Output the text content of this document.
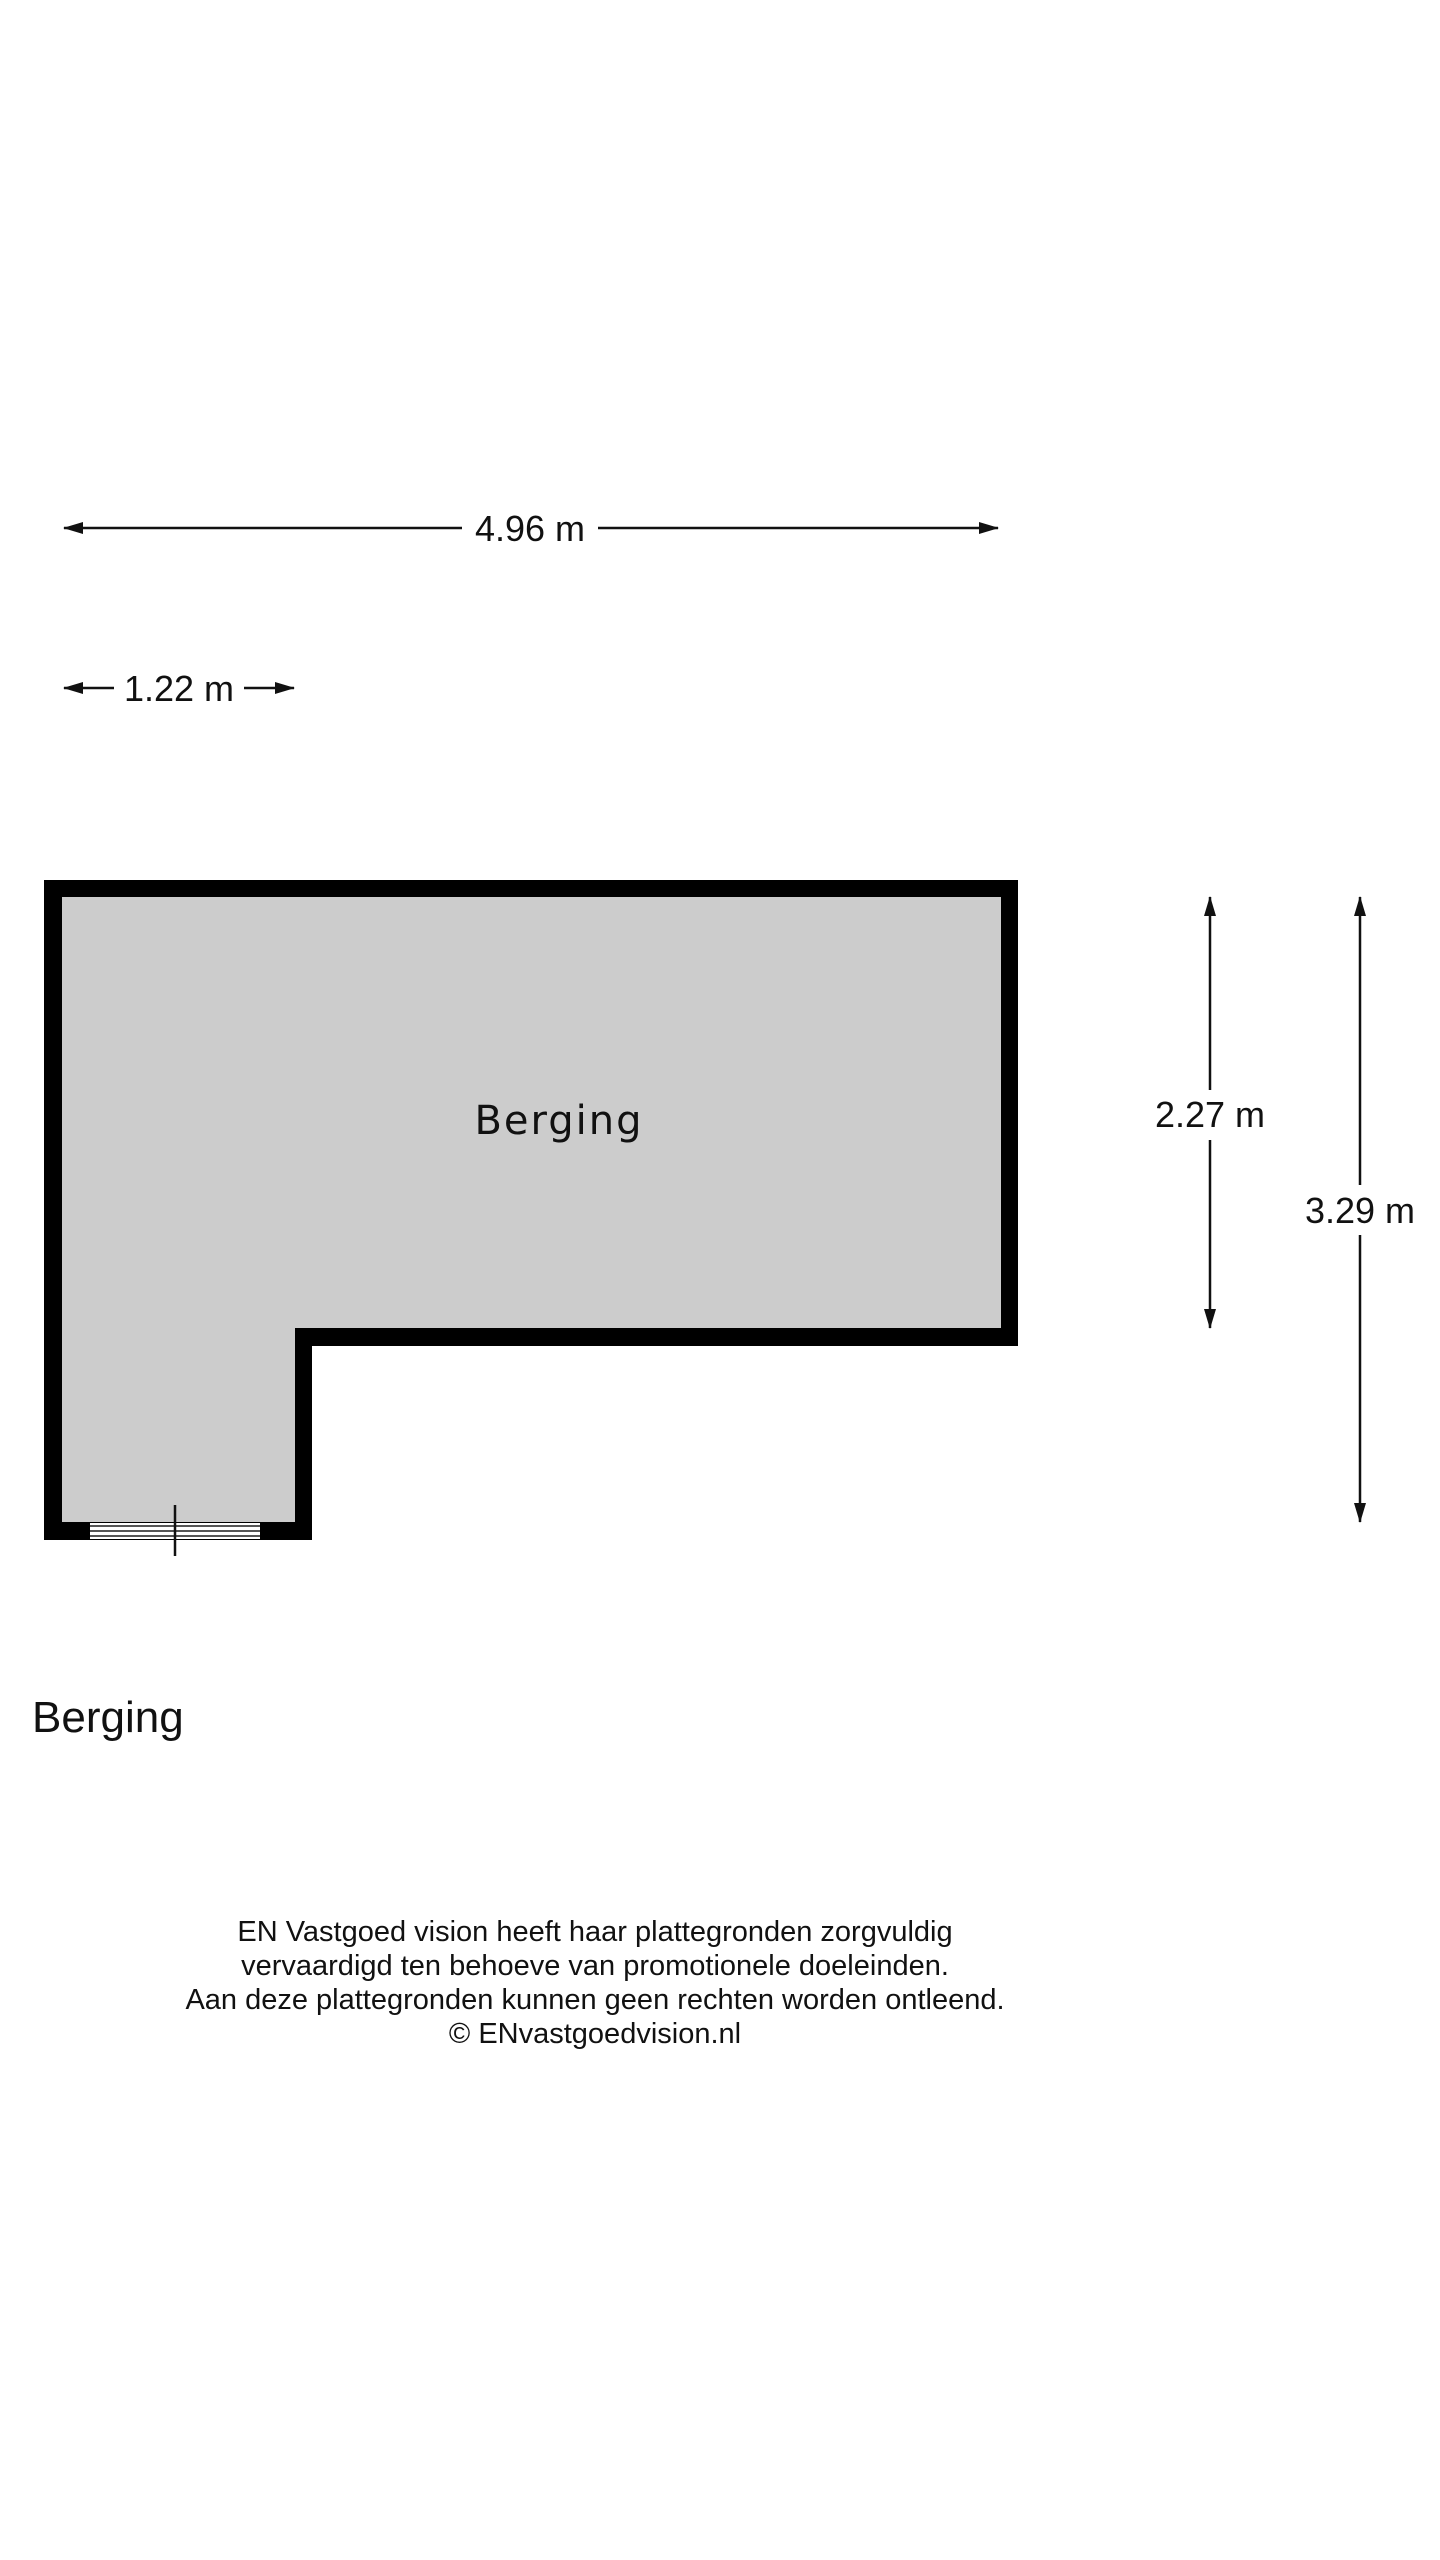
4.96 m
1.22 m
Berging	2.27 m
3.29 m
Berging
EN Vastgoed vision heeft haar plattegronden zorgvuldig
vervaardigd ten behoeve van promotionele doeleinden.
Aan deze plattegronden kunnen geen rechten worden ontleend.
© ENvastgoedvision.nl
